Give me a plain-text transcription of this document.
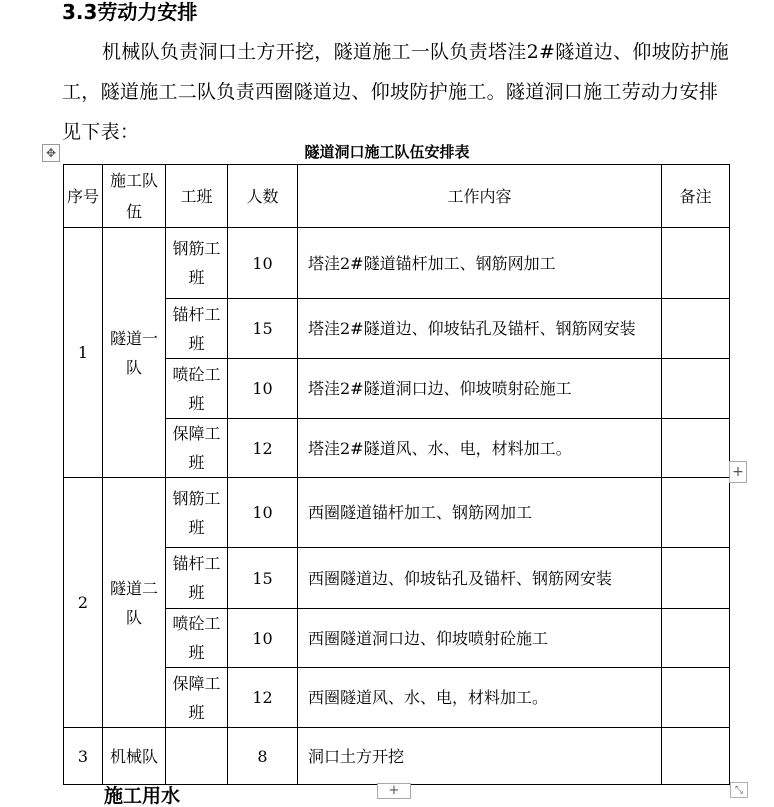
3.3劳动力安排

机械队负责洞口土方开挖，隧道施工一队负责塔洼2#隧道边、仰坡防护施工，隧道施工二队负责西圈隧道边、仰坡防护施工。隧道洞口施工劳动力安排见下表：

✥	隧道洞口施工队伍安排表
序号	施工队伍	工班	人数	工作内容	备注
1	隧道一队	钢筋工班	10	塔洼2#隧道锚杆加工、钢筋网加工	
		锚杆工班	15	塔洼2#隧道边、仰坡钻孔及锚杆、钢筋网安装	
		喷砼工班	10	塔洼2#隧道洞口边、仰坡喷射砼施工	
		保障工班	12	塔洼2#隧道风、水、电，材料加工。	
2	隧道二队	钢筋工班	10	西圈隧道锚杆加工、钢筋网加工	
		锚杆工班	15	西圈隧道边、仰坡钻孔及锚杆、钢筋网安装	
		喷砼工班	10	西圈隧道洞口边、仰坡喷射砼施工	
		保障工班	12	西圈隧道风、水、电，材料加工。	
3	机械队		8	洞口土方开挖	
+
施工用水	+	⤡
